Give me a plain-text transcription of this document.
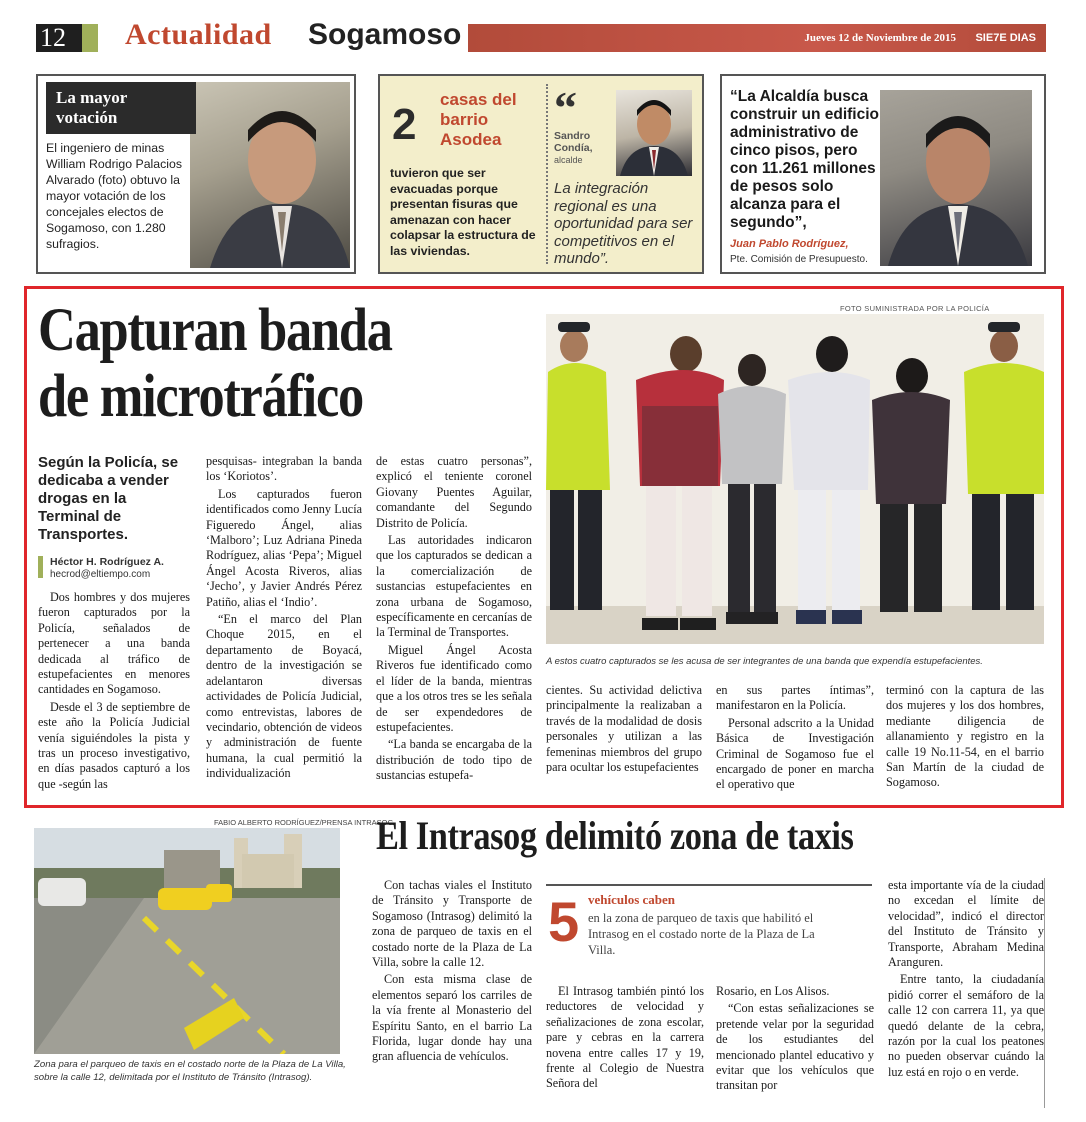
12	Actualidad Sogamoso	Jueves 12 de Noviembre de 2015 SIE7E DIAS
La mayor votación
El ingeniero de minas William Rodrigo Palacios Alvarado (foto) obtuvo la mayor votación de los concejales electos de Sogamoso, con 1.280 sufragios.
2
casas del barrio Asodea
tuvieron que ser evacuadas porque presentan fisuras que amenazan con hacer colapsar la estructura de las viviendas.
“
Sandro Condía,
alcalde
La integración regional es una oportunidad para ser competitivos en el mundo”.
“La Alcaldía busca construir un edificio administrativo de cinco pisos, pero con 11.261 millones de pesos solo alcanza para el segundo”,
Juan Pablo Rodríguez,
Pte. Comisión de Presupuesto.
Capturan banda
de microtráfico
FOTO SUMINISTRADA POR LA POLICÍA
A estos cuatro capturados se les acusa de ser integrantes de una banda que expendía estupefacientes.
Según la Policía, se dedicaba a vender drogas en la Terminal de Transportes.
Héctor H. Rodríguez A.
hecrod@eltiempo.com

Dos hombres y dos mujeres fueron capturados por la Policía, señalados de pertenecer a una banda dedicada al tráfico de estupefacientes en menores cantidades en Sogamoso.

Desde el 3 de septiembre de este año la Policía Judicial venía siguiéndoles la pista y tras un proceso investigativo, en días pasados capturó a los que -según las

pesquisas- integraban la banda los ‘Koriotos’.

Los capturados fueron identificados como Jenny Lucía Figueredo Ángel, alias ‘Malboro’; Luz Adriana Pineda Rodríguez, alias ‘Pepa’; Miguel Ángel Acosta Riveros, alias ‘Jecho’, y Javier Andrés Pérez Patiño, alias el ‘Indio’.

“En el marco del Plan Choque 2015, en el departamento de Boyacá, dentro de la investigación se adelantaron diversas actividades de Policía Judicial, como entrevistas, labores de vecindario, obtención de videos y administración de fuente humana, la cual permitió la individualización

de estas cuatro personas”, explicó el teniente coronel Giovany Puentes Aguilar, comandante del Segundo Distrito de Policía.

Las autoridades indicaron que los capturados se dedican a la comercialización de sustancias estupefacientes en zona urbana de Sogamoso, específicamente en cercanías de la Terminal de Transportes.

Miguel Ángel Acosta Riveros fue identificado como el líder de la banda, mientras que a los otros tres se les señala de ser expendedores de estupefacientes.

“La banda se encargaba de la distribución de todo tipo de sustancias estupefa-

cientes. Su actividad delictiva principalmente la realizaban a través de la modalidad de dosis personales y utilizan a las femeninas miembros del grupo para ocultar los estupefacientes

en sus partes íntimas”, manifestaron en la Policía.

Personal adscrito a la Unidad Básica de Investigación Criminal de Sogamoso fue el encargado de poner en marcha el operativo que

terminó con la captura de las dos mujeres y los dos hombres, mediante diligencia de allanamiento y registro en la calle 19 No.11-54, en el barrio San Martín de la ciudad de Sogamoso.

FABIO ALBERTO RODRÍGUEZ/PRENSA INTRASOG
Zona para el parqueo de taxis en el costado norte de la Plaza de La Villa, sobre la calle 12, delimitada por el Instituto de Tránsito (Intrasog).
El Intrasog delimitó zona de taxis

Con tachas viales el Instituto de Tránsito y Transporte de Sogamoso (Intrasog) delimitó la zona de parqueo de taxis en el costado norte de la Plaza de La Villa, sobre la calle 12.

Con esta misma clase de elementos separó los carriles de la vía frente al Monasterio del Espíritu Santo, en el barrio La Florida, lugar donde hay una gran afluencia de vehículos.

5 vehículos caben
en la zona de parqueo de taxis que habilitó el Intrasog en el costado norte de la Plaza de La Villa.

El Intrasog también pintó los reductores de velocidad y señalizaciones de zona escolar, pare y cebras en la carrera novena entre calles 17 y 19, frente al Colegio de Nuestra Señora del

Rosario, en Los Alisos.

“Con estas señalizaciones se pretende velar por la seguridad de los estudiantes del mencionado plantel educativo y evitar que los vehículos que transitan por

esta importante vía de la ciudad no excedan el límite de velocidad”, indicó el director del Instituto de Tránsito y Transporte, Abraham Medina Aranguren.

Entre tanto, la ciudadanía pidió correr el semáforo de la calle 12 con carrera 11, ya que quedó delante de la cebra, razón por la cual los peatones no pueden observar cuándo la luz está en rojo o en verde.
